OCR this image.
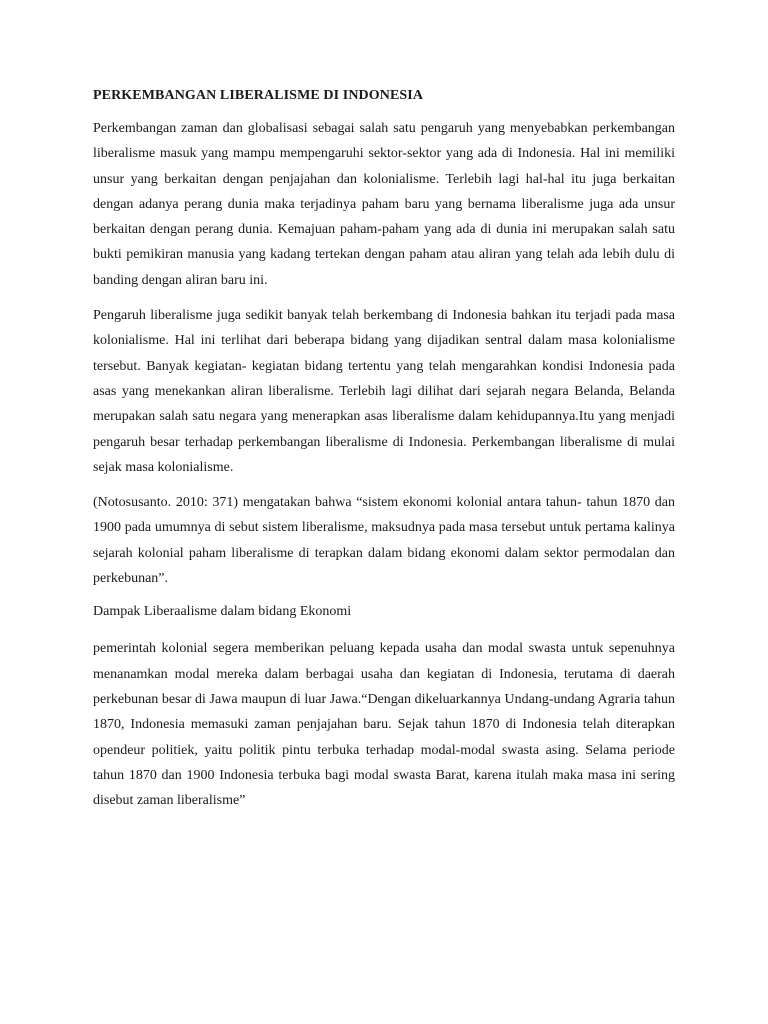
PERKEMBANGAN LIBERALISME DI INDONESIA

Perkembangan zaman dan globalisasi sebagai salah satu pengaruh yang menyebabkan perkembangan liberalisme masuk yang mampu mempengaruhi sektor-sektor yang ada di Indonesia. Hal ini memiliki unsur yang berkaitan dengan penjajahan dan kolonialisme. Terlebih lagi hal-hal itu juga berkaitan dengan adanya perang dunia maka terjadinya paham baru yang bernama liberalisme juga ada unsur berkaitan dengan perang dunia. Kemajuan paham-paham yang ada di dunia ini merupakan salah satu bukti pemikiran manusia yang kadang tertekan dengan paham atau aliran yang telah ada lebih dulu di banding dengan aliran baru ini.

Pengaruh liberalisme juga sedikit banyak telah berkembang di Indonesia bahkan itu terjadi pada masa kolonialisme. Hal ini terlihat dari beberapa bidang yang dijadikan sentral dalam masa kolonialisme tersebut. Banyak kegiatan- kegiatan bidang tertentu yang telah mengarahkan kondisi Indonesia pada asas yang menekankan aliran liberalisme. Terlebih lagi dilihat dari sejarah negara Belanda, Belanda merupakan salah satu negara yang menerapkan asas liberalisme dalam kehidupannya.Itu yang menjadi pengaruh besar terhadap perkembangan liberalisme di Indonesia. Perkembangan liberalisme di mulai sejak masa kolonialisme.

(Notosusanto. 2010: 371) mengatakan bahwa “sistem ekonomi kolonial antara tahun- tahun 1870 dan 1900 pada umumnya di sebut sistem liberalisme, maksudnya pada masa tersebut untuk pertama kalinya sejarah kolonial paham liberalisme di terapkan dalam bidang ekonomi dalam sektor permodalan dan perkebunan”.

Dampak Liberaalisme dalam bidang Ekonomi

pemerintah kolonial segera memberikan peluang kepada usaha dan modal swasta untuk sepenuhnya menanamkan modal mereka dalam berbagai usaha dan kegiatan di Indonesia, terutama di daerah perkebunan besar di Jawa maupun di luar Jawa.“Dengan dikeluarkannya Undang-undang Agraria tahun 1870, Indonesia memasuki zaman penjajahan baru. Sejak tahun 1870 di Indonesia telah diterapkan opendeur politiek, yaitu politik pintu terbuka terhadap modal-modal swasta asing. Selama periode tahun 1870 dan 1900 Indonesia terbuka bagi modal swasta Barat, karena itulah maka masa ini sering disebut zaman liberalisme”
